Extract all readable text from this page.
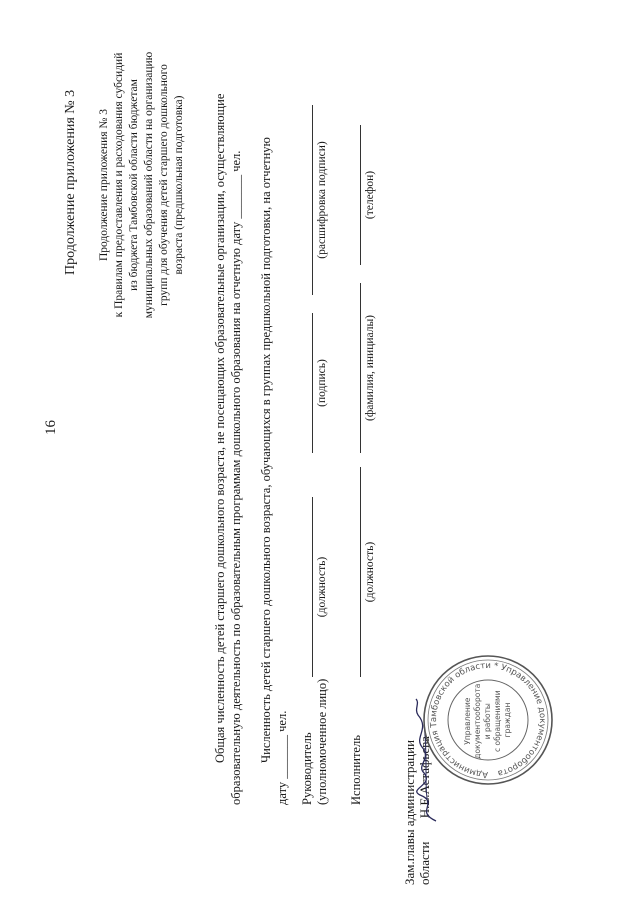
16
Продолжение приложения № 3 Продолжение приложения № 3 к Правилам предоставления и расходования субсидий из бюджета Тамбовской области бюджетам муниципальных образований области на организацию групп для обучения детей старшего дошкольного возраста (предшкольная подготовка) Общая численность детей старшего дошкольного возраста, не посещающих образовательные организации, осуществляющие образовательную деятельность по образовательным программам дошкольного образования на отчетную дату _______ чел. Численность детей старшего дошкольного возраста, обучающихся в группах предшкольной подготовки, на отчетную дату _______ чел. Руководитель (уполномоченное лицо)
(должность)
(подпись)
(расшифровка подписи)
Исполнитель
(должность)
(фамилия, инициалы)
(телефон)
Зам.главы администрации области Н.Е.Астафьева	Администрация Тамбовской области * Управление документооборота
Управление документооборота и работы с обращениями граждан
